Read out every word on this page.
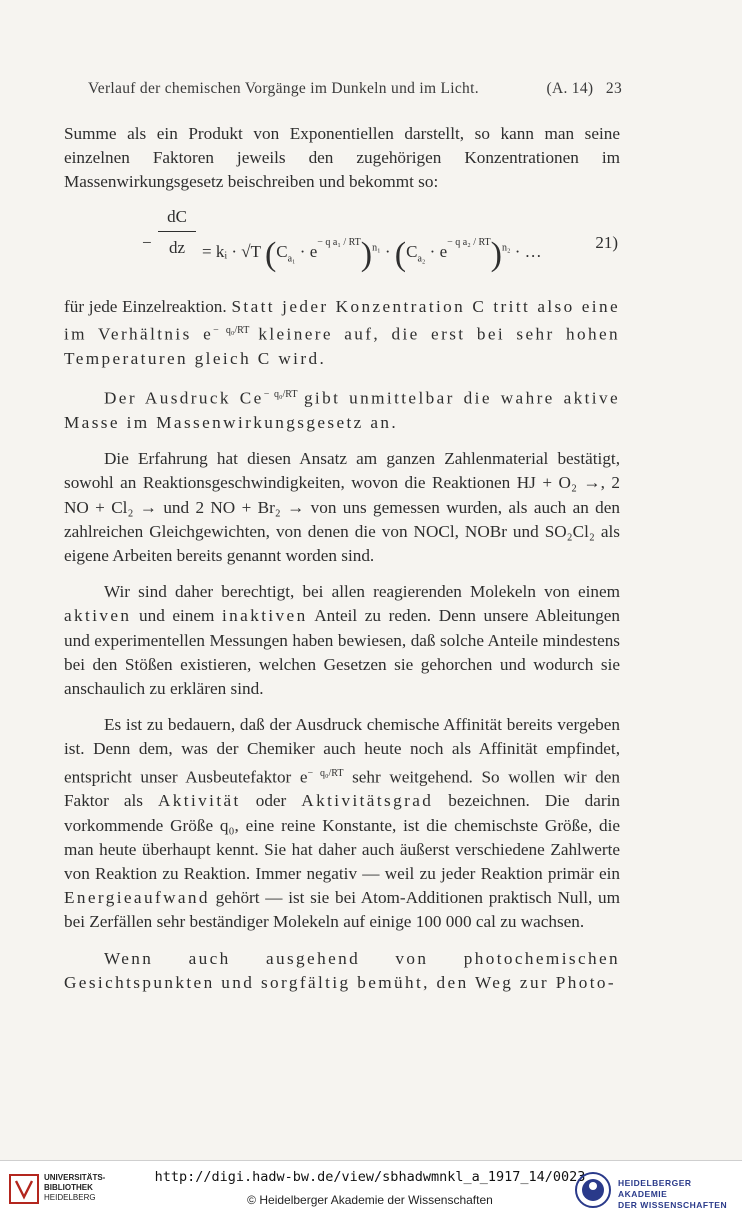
Verlauf der chemischen Vorgänge im Dunkeln und im Licht.	(A. 14) 23

Summe als ein Produkt von Exponentiellen darstellt, so kann man seine einzelnen Faktoren jeweils den zugehörigen Konzentrationen im Massenwirkungsgesetz beischreiben und bekommt so:

− $\frac{dC}{dz}$ = kᵢ · √T $(C_{a_1} \cdot e^{- q a_1 / RT})^{n_1} \cdot (C_{a_2} \cdot e^{- q a_2 / RT})^{n_2}$ · …	21)

für jede Einzelreaktion. Statt jeder Konzentration C tritt also eine im Verhältnis $e^{- q_0/RT}$ kleinere auf, die erst bei sehr hohen Temperaturen gleich C wird.

Der Ausdruck $Ce^{- q_0/RT}$ gibt unmittelbar die wahre aktive Masse im Massenwirkungsgesetz an.

Die Erfahrung hat diesen Ansatz am ganzen Zahlenmaterial bestätigt, sowohl an Reaktionsgeschwindigkeiten, wovon die Reaktionen HJ + O₂ →, 2 NO + Cl₂ → und 2 NO + Br₂ → von uns gemessen wurden, als auch an den zahlreichen Gleichgewichten, von denen die von NOCl, NOBr und SO₂Cl₂ als eigene Arbeiten bereits genannt worden sind.

Wir sind daher berechtigt, bei allen reagierenden Molekeln von einem aktiven und einem inaktiven Anteil zu reden. Denn unsere Ableitungen und experimentellen Messungen haben bewiesen, daß solche Anteile mindestens bei den Stößen existieren, welchen Gesetzen sie gehorchen und wodurch sie anschaulich zu erklären sind.

Es ist zu bedauern, daß der Ausdruck chemische Affinität bereits vergeben ist. Denn dem, was der Chemiker auch heute noch als Affinität empfindet, entspricht unser Ausbeutefaktor $e^{- q_0/RT}$ sehr weitgehend. So wollen wir den Faktor als Aktivität oder Aktivitätsgrad bezeichnen. Die darin vorkommende Größe q₀, eine reine Konstante, ist die chemischste Größe, die man heute überhaupt kennt. Sie hat daher auch äußerst verschiedene Zahlwerte von Reaktion zu Reaktion. Immer negativ — weil zu jeder Reaktion primär ein Energieaufwand gehört — ist sie bei Atom-Additionen praktisch Null, um bei Zerfällen sehr beständiger Molekeln auf einige 100 000 cal zu wachsen.

Wenn auch ausgehend von photochemischen Gesichtspunkten und sorgfältig bemüht, den Weg zur Photo-

UNIVERSITÄTS-
BIBLIOTHEK
HEIDELBERG
http://digi.hadw-bw.de/view/sbhadwmnkl_a_1917_14/0023
© Heidelberger Akademie der Wissenschaften
HEIDELBERGER AKADEMIE
DER WISSENSCHAFTEN
